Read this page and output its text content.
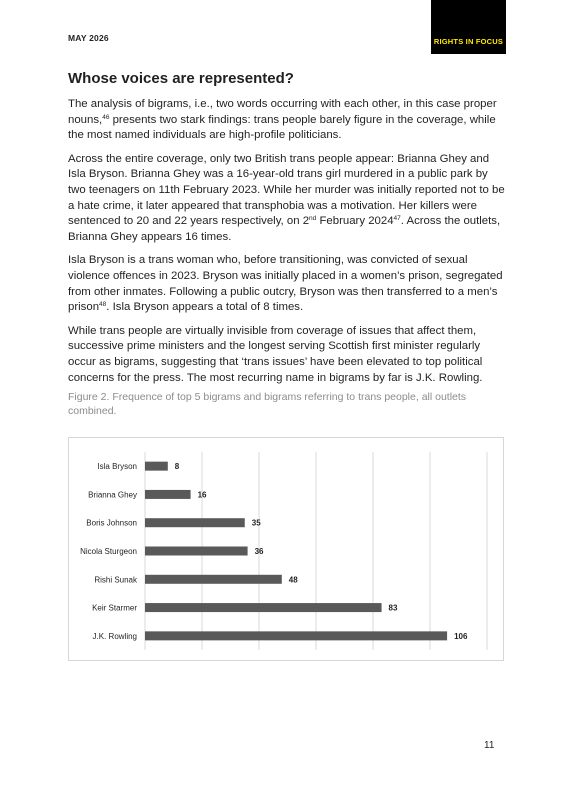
MAY 2026	RIGHTS IN FOCUS
Whose voices are represented?

The analysis of bigrams, i.e., two words occurring with each other, in this case proper nouns,$^{46}$ presents two stark findings: trans people barely figure in the coverage, while the most named individuals are high-profile politicians.

Across the entire coverage, only two British trans people appear: Brianna Ghey and Isla Bryson. Brianna Ghey was a 16-year-old trans girl murdered in a public park by two teenagers on 11th February 2023. While her murder was initially reported not to be a hate crime, it later appeared that transphobia was a motivation. Her killers were sentenced to 20 and 22 years respectively, on 2nd February 2024$^{47}$. Across the outlets, Brianna Ghey appears 16 times.

Isla Bryson is a trans woman who, before transitioning, was convicted of sexual violence offences in 2023. Bryson was initially placed in a women’s prison, segregated from other inmates. Following a public outcry, Bryson was then transferred to a men’s prison$^{48}$. Isla Bryson appears a total of 8 times.

While trans people are virtually invisible from coverage of issues that affect them, successive prime ministers and the longest serving Scottish first minister regularly occur as bigrams, suggesting that ‘trans issues’ have been elevated to top political concerns for the press. The most recurring name in bigrams by far is J.K. Rowling.

Figure 2. Frequence of top 5 bigrams and bigrams referring to trans people, all outlets combined.
Isla Bryson	8
Brianna Ghey	16
Boris Johnson	35
Nicola Sturgeon	36
Rishi Sunak	48
Keir Starmer	83
J.K. Rowling	106
11
